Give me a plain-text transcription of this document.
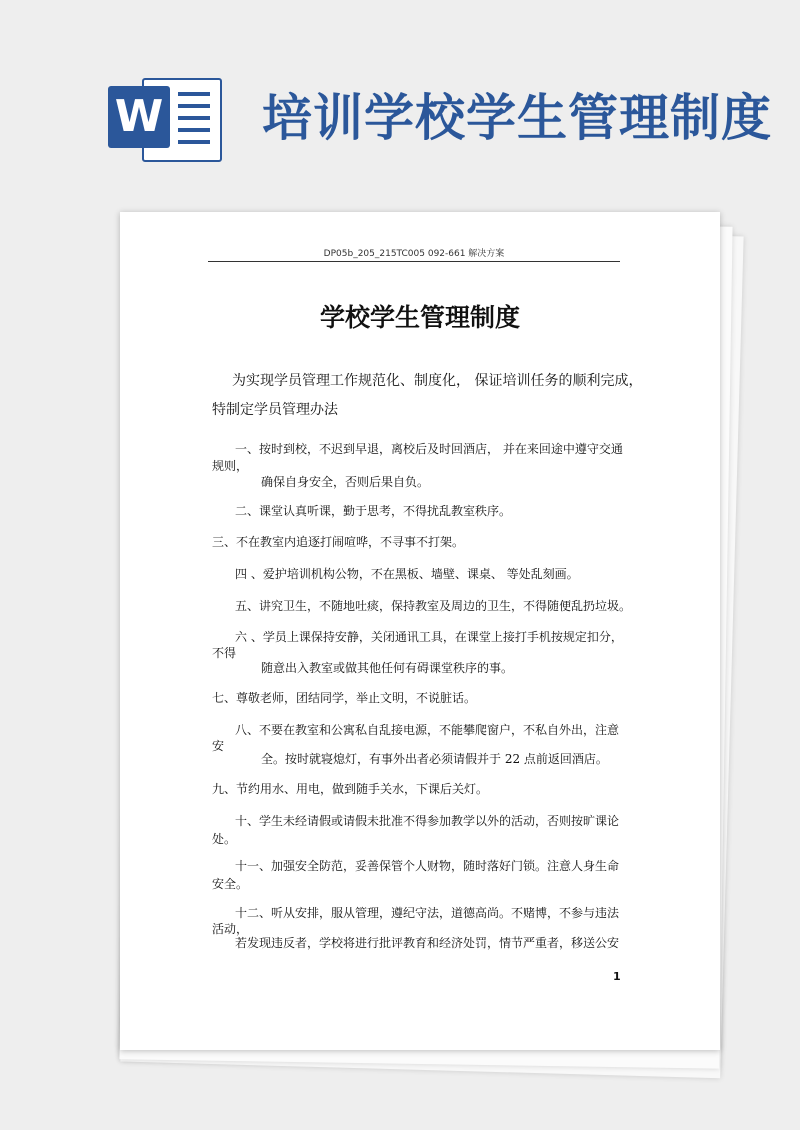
W 培训学校学生管理制度
DP05b_205_215TC005 092-661 解决方案
学校学生管理制度
为实现学员管理工作规范化、制度化， 保证培训任务的顺利完成，
特制定学员管理办法
一、按时到校，不迟到早退，离校后及时回酒店， 并在来回途中遵守交通
规则，
确保自身安全，否则后果自负。
二、课堂认真听课，勤于思考，不得扰乱教室秩序。
三、不在教室内追逐打闹喧哗，不寻事不打架。
四 、爱护培训机构公物，不在黑板、墙壁、课桌、 等处乱刻画。
五、讲究卫生，不随地吐痰，保持教室及周边的卫生，不得随便乱扔垃圾。
六 、学员上课保持安静，关闭通讯工具，在课堂上接打手机按规定扣分，
不得
随意出入教室或做其他任何有碍课堂秩序的事。
七、尊敬老师，团结同学，举止文明，不说脏话。
八、不要在教室和公寓私自乱接电源，不能攀爬窗户，不私自外出，注意
安
全。按时就寝熄灯，有事外出者必须请假并于 22 点前返回酒店。
九、节约用水、用电，做到随手关水，下课后关灯。
十、学生未经请假或请假未批准不得参加教学以外的活动，否则按旷课论
处。
十一、加强安全防范，妥善保管个人财物，随时落好门锁。注意人身生命
安全。
十二、听从安排，服从管理，遵纪守法，道德高尚。不赌博，不参与违法
活动，
若发现违反者，学校将进行批评教育和经济处罚，情节严重者，移送公安
1
